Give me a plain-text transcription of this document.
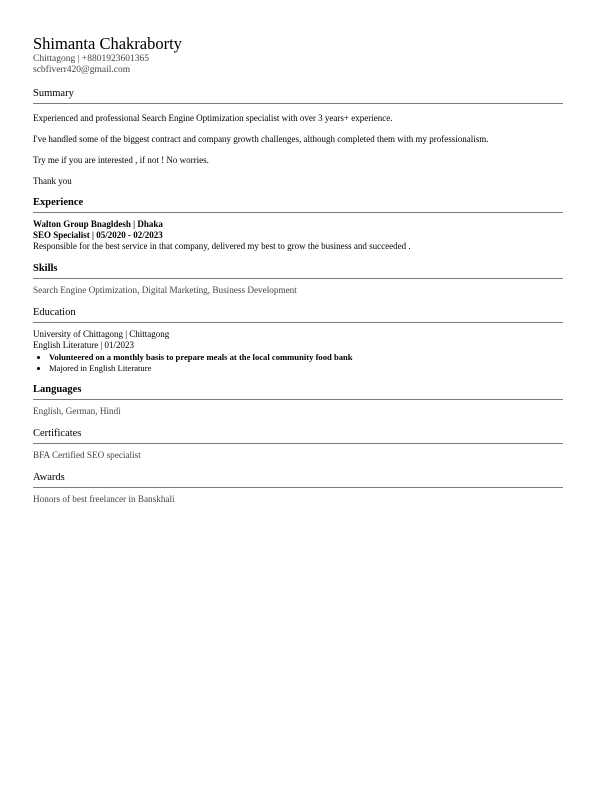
Shimanta Chakraborty
Chittagong | +8801923601365
scbfiverr420@gmail.com
Summary

Experienced and professional Search Engine Optimization specialist with over 3 years+ experience.

I've handled some of the biggest contract and company growth challenges, although completed them with my professionalism.

Try me if you are interested , if not ! No worries.

Thank you

Experience

Walton Group Bnagldesh | Dhaka

SEO Specialist | 05/2020 - 02/2023

Responsible for the best service in that company, delivered my best to grow the business and succeeded .

Skills

Search Engine Optimization, Digital Marketing, Business Development

Education

University of Chittagong | Chittagong

English Literature | 01/2023

• Volunteered on a monthly basis to prepare meals at the local community food bank
• Majored in English Literature
Languages

English, German, Hindi

Certificates

BFA Certified SEO specialist

Awards

Honors of best freelancer in Banskhali
